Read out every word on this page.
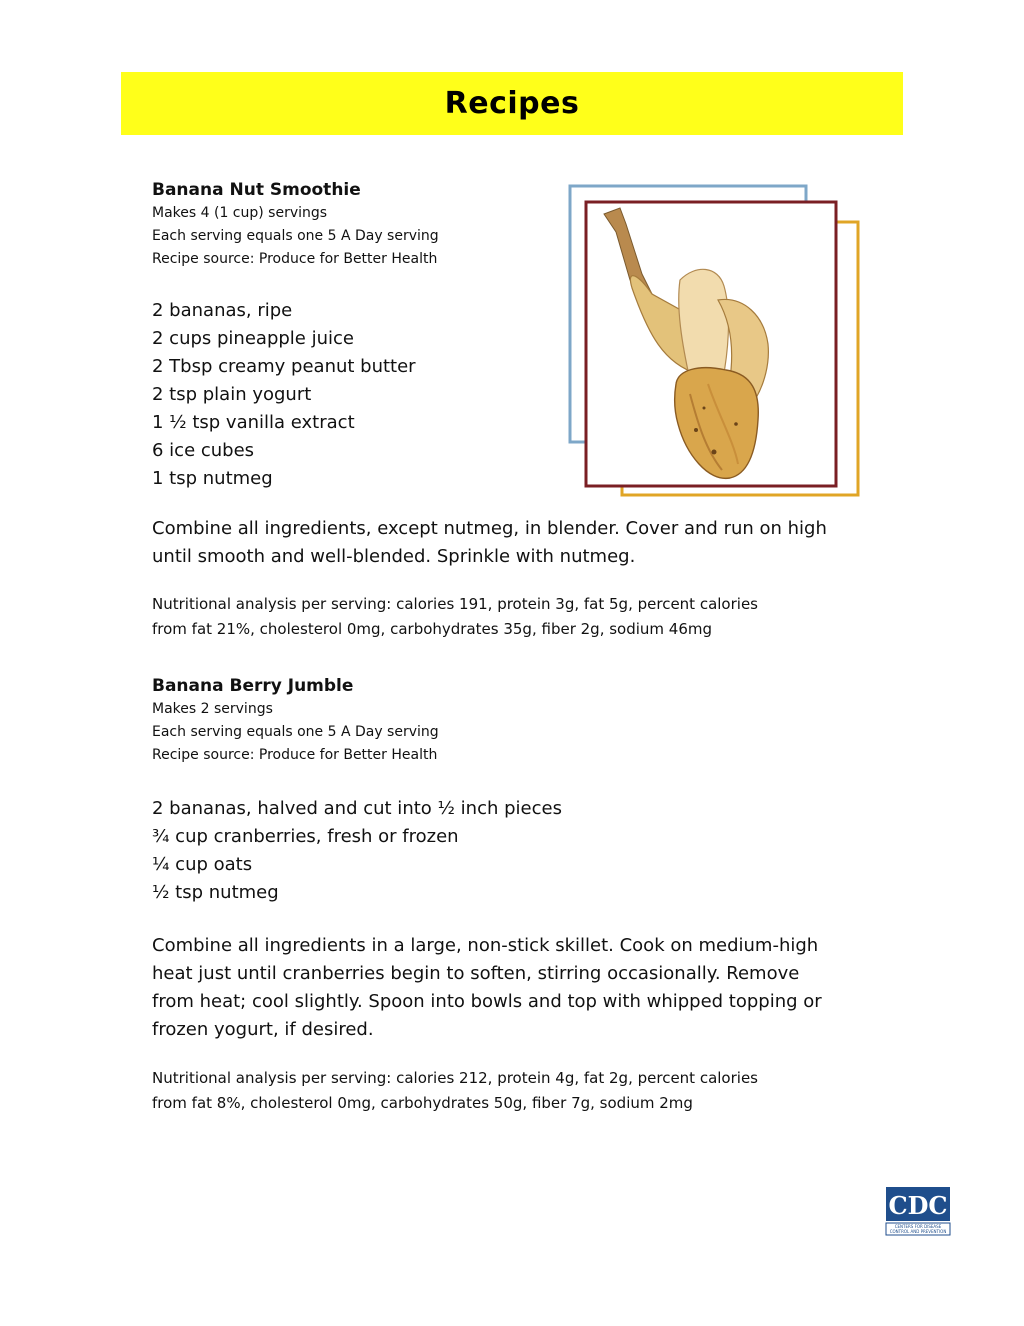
Recipes

Banana Nut Smoothie

Makes 4 (1 cup) servings

Each serving equals one 5 A Day serving

Recipe source: Produce for Better Health

2 bananas, ripe
2 cups pineapple juice
2 Tbsp creamy peanut butter
2 tsp plain yogurt
1 ½ tsp vanilla extract
6 ice cubes
1 tsp nutmeg

Combine all ingredients, except nutmeg, in blender. Cover and run on high

until smooth and well-blended. Sprinkle with nutmeg.

Nutritional analysis per serving: calories 191, protein 3g, fat 5g, percent calories

from fat 21%, cholesterol 0mg, carbohydrates 35g, fiber 2g, sodium 46mg

Banana Berry Jumble

Makes 2 servings

Each serving equals one 5 A Day serving

Recipe source: Produce for Better Health

2 bananas, halved and cut into ½ inch pieces
¾ cup cranberries, fresh or frozen
¼ cup oats
½ tsp nutmeg

Combine all ingredients in a large, non-stick skillet. Cook on medium-high

heat just until cranberries begin to soften, stirring occasionally. Remove

from heat; cool slightly. Spoon into bowls and top with whipped topping or

frozen yogurt, if desired.

Nutritional analysis per serving: calories 212, protein 4g, fat 2g, percent calories

from fat 8%, cholesterol 0mg, carbohydrates 50g, fiber 7g, sodium 2mg

CDC
CENTERS FOR DISEASE
CONTROL AND PREVENTION
